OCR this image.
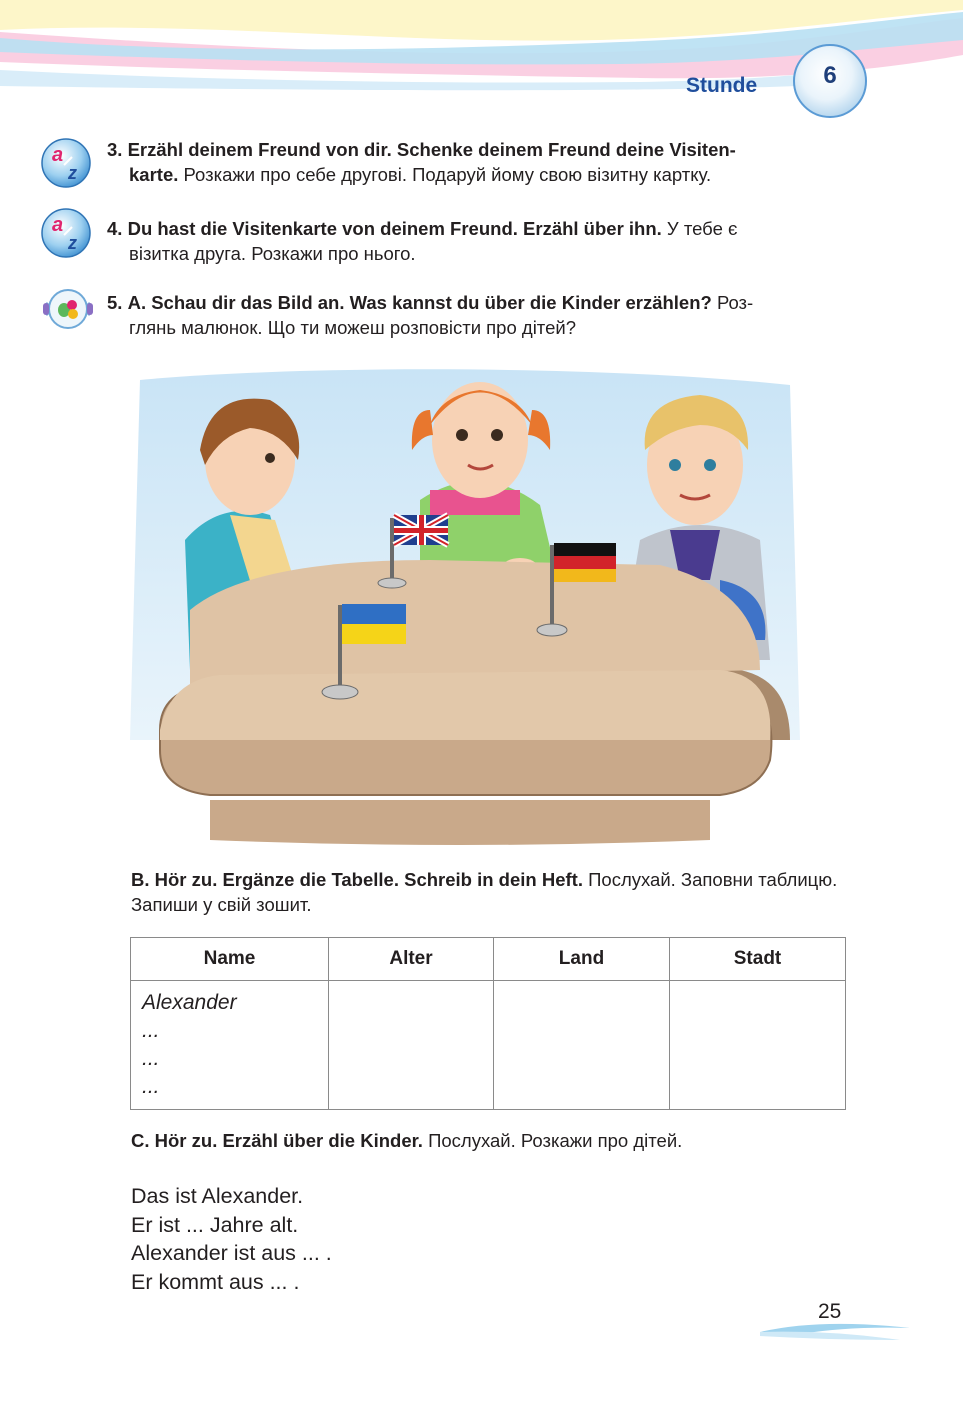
Stunde	6
a
z
3. Erzähl deinem Freund von dir. Schenke deinem Freund deine Visiten-
karte. Розкажи про себе другові. Подаруй йому свою візитну картку.
a
z
4. Du hast die Visitenkarte von deinem Freund. Erzähl über ihn. У тебе є
візитка друга. Розкажи про нього.
5. A. Schau dir das Bild an. Was kannst du über die Kinder erzählen? Роз-
глянь малюнок. Що ти можеш розповісти про дітей?
B. Hör zu. Ergänze die Tabelle. Schreib in dein Heft. Послухай. Заповни таблицю. Запиши у свій зошит.
Name	Alter	Land	Stadt

Alexander
...
...
...			

C. Hör zu. Erzähl über die Kinder. Послухай. Розкажи про дітей.
Das ist Alexander.
Er ist ... Jahre alt.
Alexander ist aus ... .
Er kommt aus ... .
25
